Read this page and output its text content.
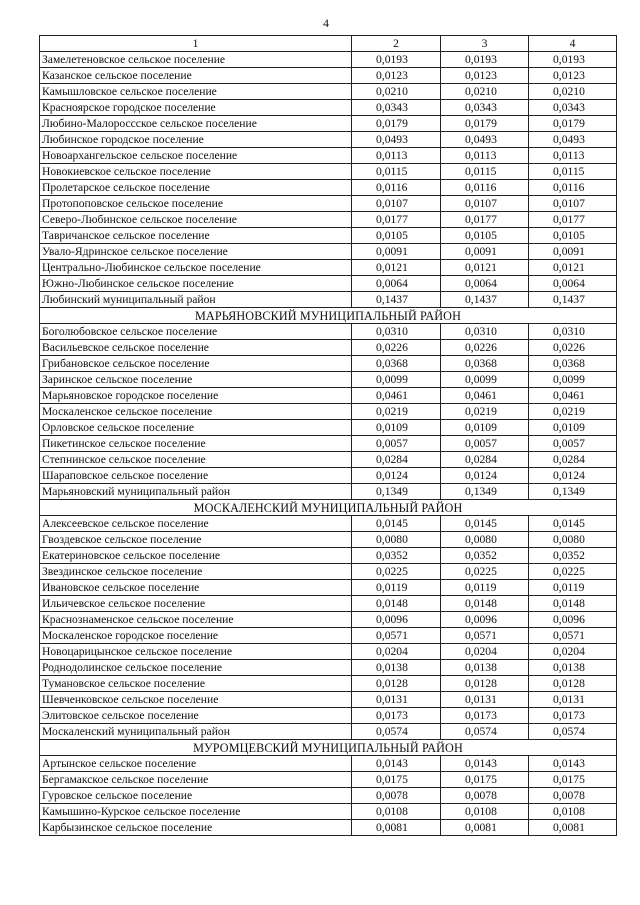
4
1	2	3	4
Замелетеновское сельское поселение	0,0193	0,0193	0,0193
Казанское сельское поселение	0,0123	0,0123	0,0123
Камышловское сельское поселение	0,0210	0,0210	0,0210
Красноярское городское поселение	0,0343	0,0343	0,0343
Любино-Малороссское сельское поселение	0,0179	0,0179	0,0179
Любинское городское поселение	0,0493	0,0493	0,0493
Новоархангельское сельское поселение	0,0113	0,0113	0,0113
Новокиевское сельское поселение	0,0115	0,0115	0,0115
Пролетарское сельское поселение	0,0116	0,0116	0,0116
Протопоповское сельское поселение	0,0107	0,0107	0,0107
Северо-Любинское сельское поселение	0,0177	0,0177	0,0177
Тавричанское сельское поселение	0,0105	0,0105	0,0105
Увало-Ядринское сельское поселение	0,0091	0,0091	0,0091
Центрально-Любинское сельское поселение	0,0121	0,0121	0,0121
Южно-Любинское сельское поселение	0,0064	0,0064	0,0064
Любинский муниципальный район	0,1437	0,1437	0,1437
МАРЬЯНОВСКИЙ МУНИЦИПАЛЬНЫЙ РАЙОН			
Боголюбовское сельское поселение	0,0310	0,0310	0,0310
Васильевское сельское поселение	0,0226	0,0226	0,0226
Грибановское сельское поселение	0,0368	0,0368	0,0368
Заринское сельское поселение	0,0099	0,0099	0,0099
Марьяновское городское поселение	0,0461	0,0461	0,0461
Москаленское сельское поселение	0,0219	0,0219	0,0219
Орловское сельское поселение	0,0109	0,0109	0,0109
Пикетинское сельское поселение	0,0057	0,0057	0,0057
Степнинское сельское поселение	0,0284	0,0284	0,0284
Шараповское сельское поселение	0,0124	0,0124	0,0124
Марьяновский муниципальный район	0,1349	0,1349	0,1349
МОСКАЛЕНСКИЙ МУНИЦИПАЛЬНЫЙ РАЙОН			
Алексеевское сельское поселение	0,0145	0,0145	0,0145
Гвоздевское сельское поселение	0,0080	0,0080	0,0080
Екатериновское сельское поселение	0,0352	0,0352	0,0352
Звездинское сельское поселение	0,0225	0,0225	0,0225
Ивановское сельское поселение	0,0119	0,0119	0,0119
Ильичевское сельское поселение	0,0148	0,0148	0,0148
Краснознаменское сельское поселение	0,0096	0,0096	0,0096
Москаленское городское поселение	0,0571	0,0571	0,0571
Новоцарицынское сельское поселение	0,0204	0,0204	0,0204
Роднодолинское сельское поселение	0,0138	0,0138	0,0138
Тумановское сельское поселение	0,0128	0,0128	0,0128
Шевченковское сельское поселение	0,0131	0,0131	0,0131
Элитовское сельское поселение	0,0173	0,0173	0,0173
Москаленский муниципальный район	0,0574	0,0574	0,0574
МУРОМЦЕВСКИЙ МУНИЦИПАЛЬНЫЙ РАЙОН			
Артынское сельское поселение	0,0143	0,0143	0,0143
Бергамакское сельское поселение	0,0175	0,0175	0,0175
Гуровское сельское поселение	0,0078	0,0078	0,0078
Камышино-Курское сельское поселение	0,0108	0,0108	0,0108
Карбызинское сельское поселение	0,0081	0,0081	0,0081
